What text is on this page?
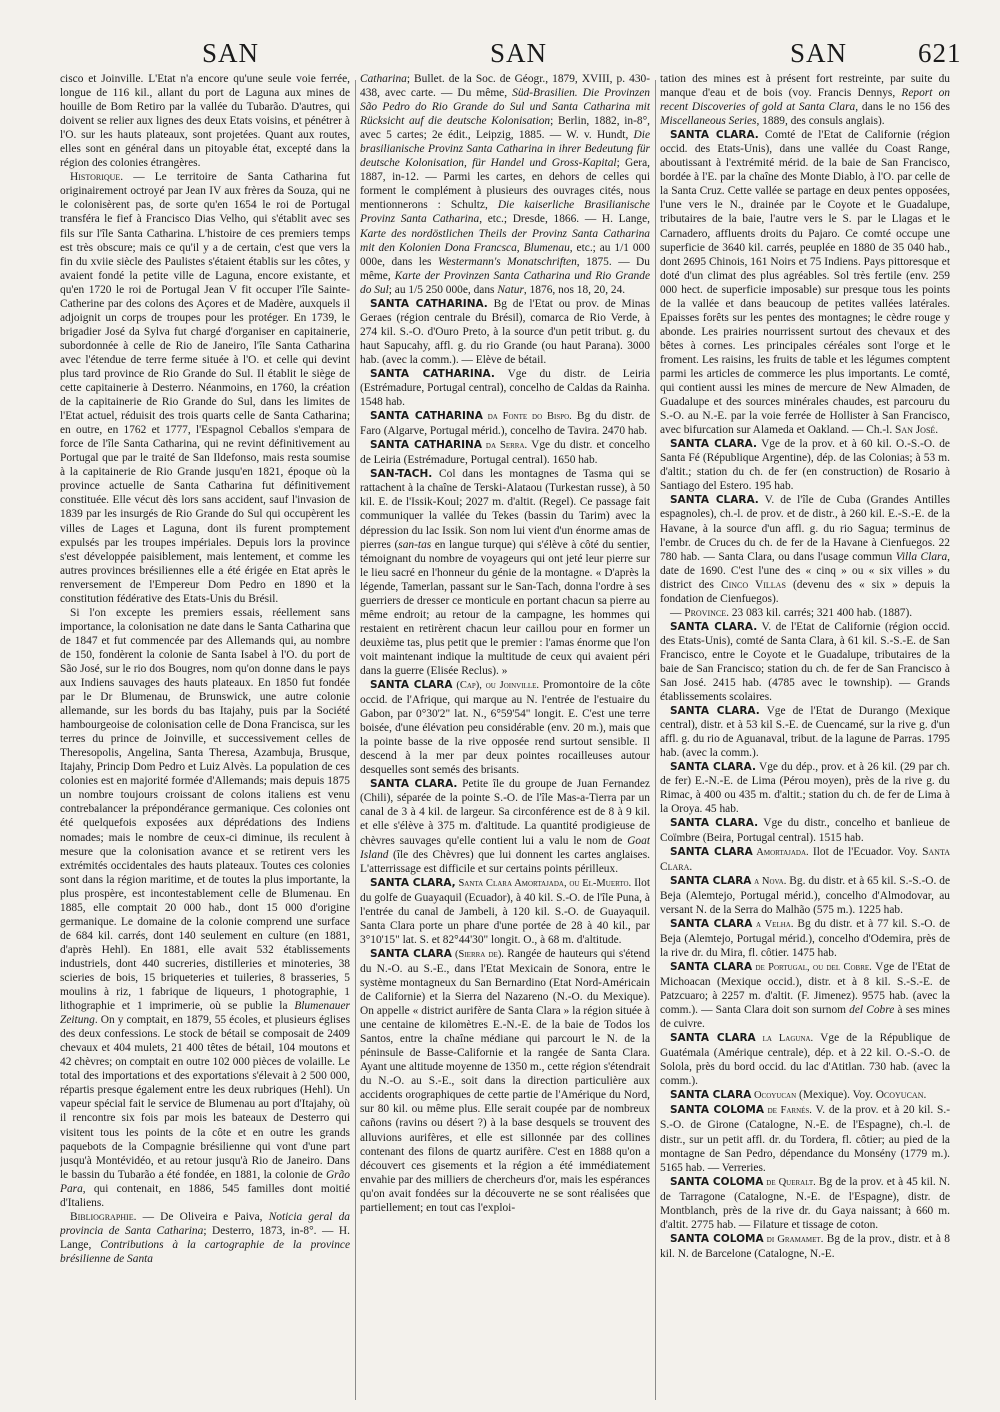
SAN	SAN	SAN	621

cisco et Joinville. L'Etat n'a encore qu'une seule voie ferrée, longue de 116 kil., allant du port de Laguna aux mines de houille de Bom Retiro par la vallée du Tubarão. D'autres, qui doivent se relier aux lignes des deux Etats voisins, et pénétrer à l'O. sur les hauts plateaux, sont projetées. Quant aux routes, elles sont en général dans un pitoyable état, excepté dans la région des colonies étrangères.

Historique. — Le territoire de Santa Catharina fut originairement octroyé par Jean IV aux frères da Souza, qui ne le colonisèrent pas, de sorte qu'en 1654 le roi de Portugal transféra le fief à Francisco Dias Velho, qui s'établit avec ses fils sur l'île Santa Catharina. L'histoire de ces premiers temps est très obscure; mais ce qu'il y a de certain, c'est que vers la fin du xviie siècle des Paulistes s'étaient établis sur les côtes, y avaient fondé la petite ville de Laguna, encore existante, et qu'en 1720 le roi de Portugal Jean V fit occuper l'île Sainte-Catherine par des colons des Açores et de Madère, auxquels il adjoignit un corps de troupes pour les protéger. En 1739, le brigadier José da Sylva fut chargé d'organiser en capitainerie, subordonnée à celle de Rio de Janeiro, l'île Santa Catharina avec l'étendue de terre ferme située à l'O. et celle qui devint plus tard province de Rio Grande do Sul. Il établit le siège de cette capitainerie à Desterro. Néanmoins, en 1760, la création de la capitainerie de Rio Grande do Sul, dans les limites de l'Etat actuel, réduisit des trois quarts celle de Santa Catharina; en outre, en 1762 et 1777, l'Espagnol Ceballos s'empara de force de l'île Santa Catharina, qui ne revint définitivement au Portugal que par le traité de San Ildefonso, mais resta soumise à la capitainerie de Rio Grande jusqu'en 1821, époque où la province actuelle de Santa Catharina fut définitivement constituée. Elle vécut dès lors sans accident, sauf l'invasion de 1839 par les insurgés de Rio Grande do Sul qui occupèrent les villes de Lages et Laguna, dont ils furent promptement expulsés par les troupes impériales. Depuis lors la province s'est développée paisiblement, mais lentement, et comme les autres provinces brésiliennes elle a été érigée en Etat après le renversement de l'Empereur Dom Pedro en 1890 et la constitution fédérative des Etats-Unis du Brésil.

Si l'on excepte les premiers essais, réellement sans importance, la colonisation ne date dans le Santa Catharina que de 1847 et fut commencée par des Allemands qui, au nombre de 150, fondèrent la colonie de Santa Isabel à l'O. du port de São José, sur le rio dos Bougres, nom qu'on donne dans le pays aux Indiens sauvages des hauts plateaux. En 1850 fut fondée par le Dr Blumenau, de Brunswick, une autre colonie allemande, sur les bords du bas Itajahy, puis par la Société hambourgeoise de colonisation celle de Dona Francisca, sur les terres du prince de Joinville, et successivement celles de Theresopolis, Angelina, Santa Theresa, Azambuja, Brusque, Itajahy, Princip Dom Pedro et Luiz Alvès. La population de ces colonies est en majorité formée d'Allemands; mais depuis 1875 un nombre toujours croissant de colons italiens est venu contrebalancer la prépondérance germanique. Ces colonies ont été quelquefois exposées aux déprédations des Indiens nomades; mais le nombre de ceux-ci diminue, ils reculent à mesure que la colonisation avance et se retirent vers les extrémités occidentales des hauts plateaux. Toutes ces colonies sont dans la région maritime, et de toutes la plus importante, la plus prospère, est incontestablement celle de Blumenau. En 1885, elle comptait 20 000 hab., dont 15 000 d'origine germanique. Le domaine de la colonie comprend une surface de 684 kil. carrés, dont 140 seulement en culture (en 1881, d'après Hehl). En 1881, elle avait 532 établissements industriels, dont 440 sucreries, distilleries et minoteries, 38 scieries de bois, 15 briqueteries et tuileries, 8 brasseries, 5 moulins à riz, 1 fabrique de liqueurs, 1 photographie, 1 lithographie et 1 imprimerie, où se publie la Blumenauer Zeitung. On y comptait, en 1879, 55 écoles, et plusieurs églises des deux confessions. Le stock de bétail se composait de 2409 chevaux et 404 mulets, 21 400 têtes de bétail, 104 moutons et 42 chèvres; on comptait en outre 102 000 pièces de volaille. Le total des importations et des exportations s'élevait à 2 500 000, répartis presque également entre les deux rubriques (Hehl). Un vapeur spécial fait le service de Blumenau au port d'Itajahy, où il rencontre six fois par mois les bateaux de Desterro qui visitent tous les points de la côte et en outre les grands paquebots de la Compagnie brésilienne qui vont d'une part jusqu'à Montévidéo, et au retour jusqu'à Rio de Janeiro. Dans le bassin du Tubarão a été fondée, en 1881, la colonie de Grão Para, qui contenait, en 1886, 545 familles dont moitié d'Italiens.

Bibliographie. — De Oliveira e Paiva, Noticia geral da provincia de Santa Catharina; Desterro, 1873, in-8°. — H. Lange, Contributions à la cartographie de la province brésilienne de Santa

Catharina; Bullet. de la Soc. de Géogr., 1879, XVIII, p. 430-438, avec carte. — Du même, Süd-Brasilien. Die Provinzen São Pedro do Rio Grande do Sul und Santa Catharina mit Rücksicht auf die deutsche Kolonisation; Berlin, 1882, in-8°, avec 5 cartes; 2e édit., Leipzig, 1885. — W. v. Hundt, Die brasilianische Provinz Santa Catharina in ihrer Bedeutung für deutsche Kolonisation, für Handel und Gross-Kapital; Gera, 1887, in-12. — Parmi les cartes, en dehors de celles qui forment le complément à plusieurs des ouvrages cités, nous mentionnerons : Schultz, Die kaiserliche Brasilianische Provinz Santa Catharina, etc.; Dresde, 1866. — H. Lange, Karte des nordöstlichen Theils der Provinz Santa Catharina mit den Kolonien Dona Francsca, Blumenau, etc.; au 1/1 000 000e, dans les Westermann's Monatschriften, 1875. — Du même, Karte der Provinzen Santa Catharina und Rio Grande do Sul; au 1/5 250 000e, dans Natur, 1876, nos 18, 20, 24.

SANTA CATHARINA. Bg de l'Etat ou prov. de Minas Geraes (région centrale du Brésil), comarca de Rio Verde, à 274 kil. S.-O. d'Ouro Preto, à la source d'un petit tribut. g. du haut Sapucahy, affl. g. du rio Grande (ou haut Parana). 3000 hab. (avec la comm.). — Elève de bétail.

SANTA CATHARINA. Vge du distr. de Leiria (Estrémadure, Portugal central), concelho de Caldas da Rainha. 1548 hab.

SANTA CATHARINA da Fonte do Bispo. Bg du distr. de Faro (Algarve, Portugal mérid.), concelho de Tavira. 2470 hab.

SANTA CATHARINA da Serra. Vge du distr. et concelho de Leiria (Estrémadure, Portugal central). 1650 hab.

SAN-TACH. Col dans les montagnes de Tasma qui se rattachent à la chaîne de Terski-Alataou (Turkestan russe), à 50 kil. E. de l'Issik-Koul; 2027 m. d'altit. (Regel). Ce passage fait communiquer la vallée du Tekes (bassin du Tarim) avec la dépression du lac Issik. Son nom lui vient d'un énorme amas de pierres (san-tas en langue turque) qui s'élève à côté du sentier, témoignant du nombre de voyageurs qui ont jeté leur pierre sur le lieu sacré en l'honneur du génie de la montagne. « D'après la légende, Tamerlan, passant sur le San-Tach, donna l'ordre à ses guerriers de dresser ce monticule en portant chacun sa pierre au même endroit; au retour de la campagne, les hommes qui restaient en retirèrent chacun leur caillou pour en former un deuxième tas, plus petit que le premier : l'amas énorme que l'on voit maintenant indique la multitude de ceux qui avaient péri dans la guerre (Elisée Reclus). »

SANTA CLARA (Cap), ou Joinville. Promontoire de la côte occid. de l'Afrique, qui marque au N. l'entrée de l'estuaire du Gabon, par 0°30'2" lat. N., 6°59'54" longit. E. C'est une terre boisée, d'une élévation peu considérable (env. 20 m.), mais que la pointe basse de la rive opposée rend surtout sensible. Il descend à la mer par deux pointes rocailleuses autour desquelles sont semés des brisants.

SANTA CLARA. Petite île du groupe de Juan Fernandez (Chili), séparée de la pointe S.-O. de l'île Mas-a-Tierra par un canal de 3 à 4 kil. de largeur. Sa circonférence est de 8 à 9 kil. et elle s'élève à 375 m. d'altitude. La quantité prodigieuse de chèvres sauvages qu'elle contient lui a valu le nom de Goat Island (île des Chèvres) que lui donnent les cartes anglaises. L'atterrissage est difficile et sur certains points périlleux.

SANTA CLARA, Santa Clara Amortajada, ou El-Muerto. Ilot du golfe de Guayaquil (Ecuador), à 40 kil. S.-O. de l'île Puna, à l'entrée du canal de Jambeli, à 120 kil. S.-O. de Guayaquil. Santa Clara porte un phare d'une portée de 28 à 40 kil., par 3°10'15" lat. S. et 82°44'30" longit. O., à 68 m. d'altitude.

SANTA CLARA (Sierra de). Rangée de hauteurs qui s'étend du N.-O. au S.-E., dans l'Etat Mexicain de Sonora, entre le système montagneux du San Bernardino (Etat Nord-Américain de Californie) et la Sierra del Nazareno (N.-O. du Mexique). On appelle « district aurifère de Santa Clara » la région située à une centaine de kilomètres E.-N.-E. de la baie de Todos los Santos, entre la chaîne médiane qui parcourt le N. de la péninsule de Basse-Californie et la rangée de Santa Clara. Ayant une altitude moyenne de 1350 m., cette région s'étendrait du N.-O. au S.-E., soit dans la direction particulière aux accidents orographiques de cette partie de l'Amérique du Nord, sur 80 kil. ou même plus. Elle serait coupée par de nombreux cañons (ravins ou désert ?) à la base desquels se trouvent des alluvions aurifères, et elle est sillonnée par des collines contenant des filons de quartz aurifère. C'est en 1888 qu'on a découvert ces gisements et la région a été immédiatement envahie par des milliers de chercheurs d'or, mais les espérances qu'on avait fondées sur la découverte ne se sont réalisées que partiellement; en tout cas l'exploi-

tation des mines est à présent fort restreinte, par suite du manque d'eau et de bois (voy. Francis Dennys, Report on recent Discoveries of gold at Santa Clara, dans le no 156 des Miscellaneous Series, 1889, des consuls anglais).

SANTA CLARA. Comté de l'Etat de Californie (région occid. des Etats-Unis), dans une vallée du Coast Range, aboutissant à l'extrémité mérid. de la baie de San Francisco, bordée à l'E. par la chaîne des Monte Diablo, à l'O. par celle de la Santa Cruz. Cette vallée se partage en deux pentes opposées, l'une vers le N., drainée par le Coyote et le Guadalupe, tributaires de la baie, l'autre vers le S. par le Llagas et le Carnadero, affluents droits du Pajaro. Ce comté occupe une superficie de 3640 kil. carrés, peuplée en 1880 de 35 040 hab., dont 2695 Chinois, 161 Noirs et 75 Indiens. Pays pittoresque et doté d'un climat des plus agréables. Sol très fertile (env. 259 000 hect. de superficie imposable) sur presque tous les points de la vallée et dans beaucoup de petites vallées latérales. Epaisses forêts sur les pentes des montagnes; le cèdre rouge y abonde. Les prairies nourrissent surtout des chevaux et des bêtes à cornes. Les principales céréales sont l'orge et le froment. Les raisins, les fruits de table et les légumes comptent parmi les articles de commerce les plus importants. Le comté, qui contient aussi les mines de mercure de New Almaden, de Guadalupe et des sources minérales chaudes, est parcouru du S.-O. au N.-E. par la voie ferrée de Hollister à San Francisco, avec bifurcation sur Alameda et Oakland. — Ch.-l. San José.

SANTA CLARA. Vge de la prov. et à 60 kil. O.-S.-O. de Santa Fé (République Argentine), dép. de las Colonias; à 53 m. d'altit.; station du ch. de fer (en construction) de Rosario à Santiago del Estero. 195 hab.

SANTA CLARA. V. de l'île de Cuba (Grandes Antilles espagnoles), ch.-l. de prov. et de distr., à 260 kil. E.-S.-E. de la Havane, à la source d'un affl. g. du rio Sagua; terminus de l'embr. de Cruces du ch. de fer de la Havane à Cienfuegos. 22 780 hab. — Santa Clara, ou dans l'usage commun Villa Clara, date de 1690. C'est l'une des « cinq » ou « six villes » du district des Cinco Villas (devenu des « six » depuis la fondation de Cienfuegos).

— Province. 23 083 kil. carrés; 321 400 hab. (1887).

SANTA CLARA. V. de l'Etat de Californie (région occid. des Etats-Unis), comté de Santa Clara, à 61 kil. S.-S.-E. de San Francisco, entre le Coyote et le Guadalupe, tributaires de la baie de San Francisco; station du ch. de fer de San Francisco à San José. 2415 hab. (4785 avec le township). — Grands établissements scolaires.

SANTA CLARA. Vge de l'Etat de Durango (Mexique central), distr. et à 53 kil S.-E. de Cuencamé, sur la rive g. d'un affl. g. du rio de Aguanaval, tribut. de la lagune de Parras. 1795 hab. (avec la comm.).

SANTA CLARA. Vge du dép., prov. et à 26 kil. (29 par ch. de fer) E.-N.-E. de Lima (Pérou moyen), près de la rive g. du Rimac, à 400 ou 435 m. d'altit.; station du ch. de fer de Lima à la Oroya. 45 hab.

SANTA CLARA. Vge du distr., concelho et banlieue de Coïmbre (Beira, Portugal central). 1515 hab.

SANTA CLARA Amortajada. Ilot de l'Ecuador. Voy. Santa Clara.

SANTA CLARA a Nova. Bg. du distr. et à 65 kil. S.-S.-O. de Beja (Alemtejo, Portugal mérid.), concelho d'Almodovar, au versant N. de la Serra do Malhão (575 m.). 1225 hab.

SANTA CLARA a Velha. Bg du distr. et à 77 kil. S.-O. de Beja (Alemtejo, Portugal mérid.), concelho d'Odemira, près de la rive dr. du Mira, fl. côtier. 1475 hab.

SANTA CLARA de Portugal, ou del Cobre. Vge de l'Etat de Michoacan (Mexique occid.), distr. et à 8 kil. S.-S.-E. de Patzcuaro; à 2257 m. d'altit. (F. Jimenez). 9575 hab. (avec la comm.). — Santa Clara doit son surnom del Cobre à ses mines de cuivre.

SANTA CLARA la Laguna. Vge de la République de Guatémala (Amérique centrale), dép. et à 22 kil. O.-S.-O. de Solola, près du bord occid. du lac d'Atitlan. 730 hab. (avec la comm.).

SANTA CLARA Ocoyucan (Mexique). Voy. Ocoyucan.

SANTA COLOMA de Farnés. V. de la prov. et à 20 kil. S.-S.-O. de Girone (Catalogne, N.-E. de l'Espagne), ch.-l. de distr., sur un petit affl. dr. du Tordera, fl. côtier; au pied de la montagne de San Pedro, dépendance du Monsény (1779 m.). 5165 hab. — Verreries.

SANTA COLOMA de Queralt. Bg de la prov. et à 45 kil. N. de Tarragone (Catalogne, N.-E. de l'Espagne), distr. de Montblanch, près de la rive dr. du Gaya naissant; à 660 m. d'altit. 2775 hab. — Filature et tissage de coton.

SANTA COLOMA di Gramamet. Bg de la prov., distr. et à 8 kil. N. de Barcelone (Catalogne, N.-E.
